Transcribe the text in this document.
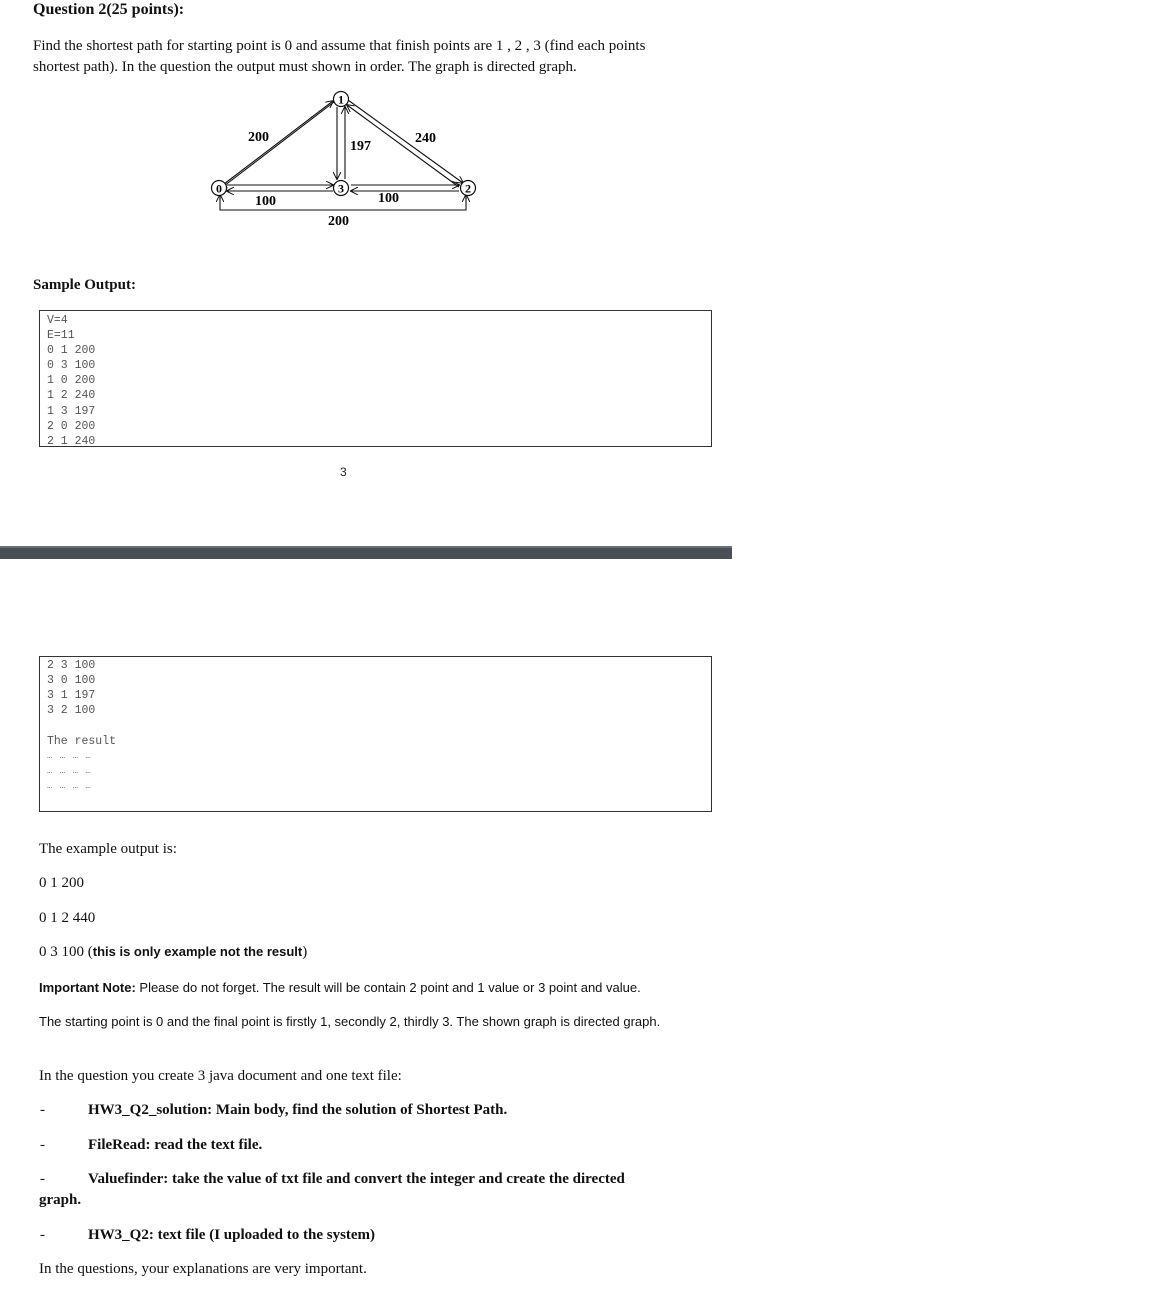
Question 2(25 points):
Find the shortest path for starting point is 0 and assume that finish points are 1 , 2 , 3 (find each points shortest path). In the question the output must shown in order. The graph is directed graph.
1
0	3	2
200
197
240
100	100
200
Sample Output:

V=4

E=11

0 1 200

0 3 100

1 0 200

1 2 240

1 3 197

2 0 200

2 1 240

3

2 3 100

3 0 100

3 1 197

3 2 100

The result

… … … …

… … … …

… … … …

The example output is:
0 1 200
0 1 2 440
0 3 100 (this is only example not the result)
Important Note: Please do not forget. The result will be contain 2 point and 1 value or 3 point and value.
The starting point is 0 and the final point is firstly 1, secondly 2, thirdly 3. The shown graph is directed graph.
In the question you create 3 java document and one text file:
-	HW3_Q2_solution: Main body, find the solution of Shortest Path.
-	FileRead: read the text file.
-	Valuefinder: take the value of txt file and convert the integer and create the directed
graph.
-	HW3_Q2: text file (I uploaded to the system)
In the questions, your explanations are very important.
